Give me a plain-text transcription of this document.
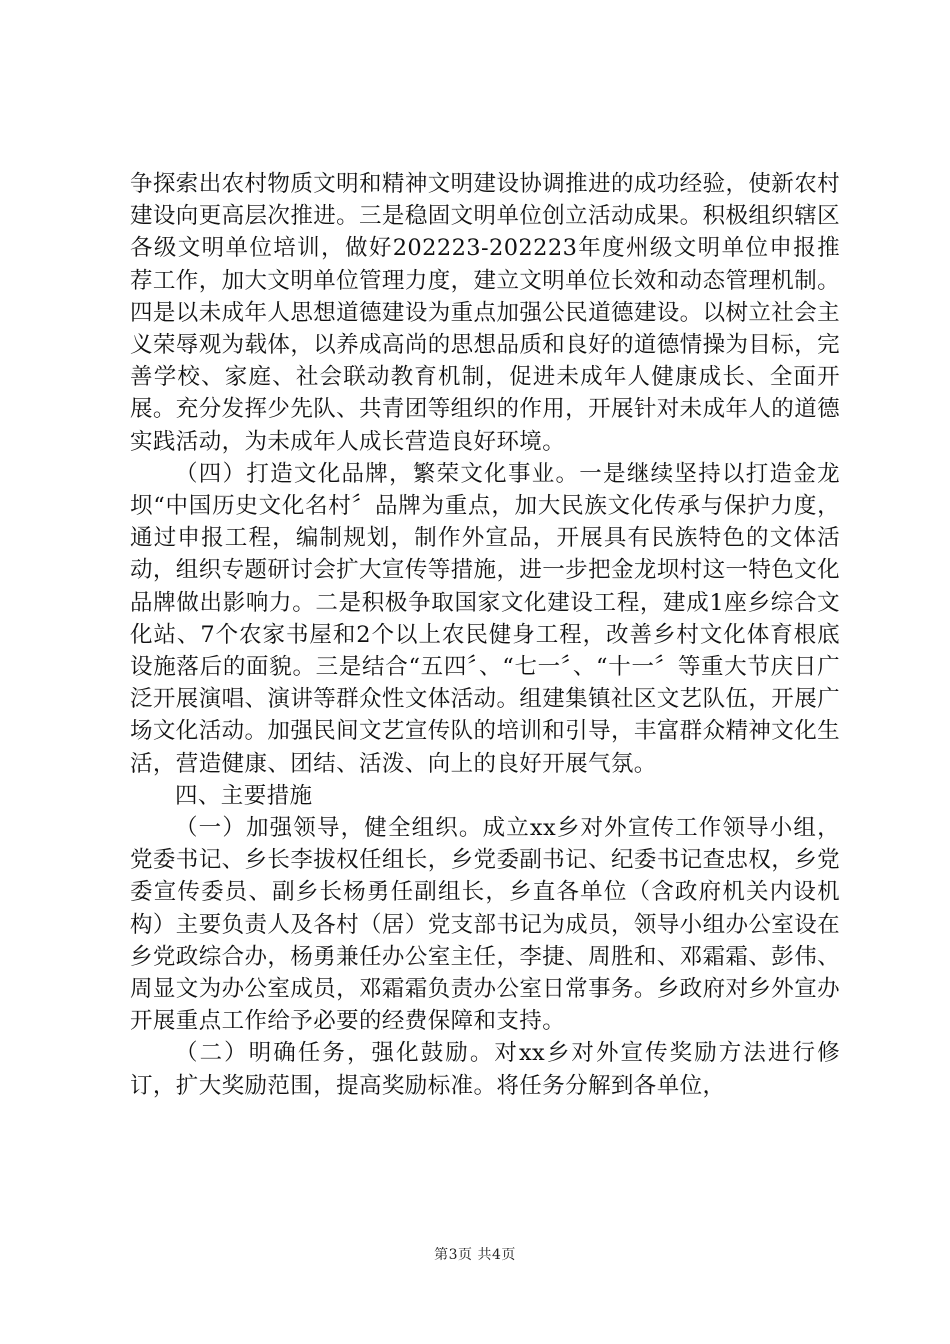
争探索出农村物质文明和精神文明建设协调推进的成功经验，使新农村建设向更高层次推进。三是稳固文明单位创立活动成果。积极组织辖区各级文明单位培训，做好202223-202223年度州级文明单位申报推荐工作，加大文明单位管理力度，建立文明单位长效和动态管理机制。四是以未成年人思想道德建设为重点加强公民道德建设。以树立社会主义荣辱观为载体，以养成高尚的思想品质和良好的道德情操为目标，完善学校、家庭、社会联动教育机制，促进未成年人健康成长、全面开展。充分发挥少先队、共青团等组织的作用，开展针对未成年人的道德实践活动，为未成年人成长营造良好环境。

（四）打造文化品牌，繁荣文化事业。一是继续坚持以打造金龙坝“中国历史文化名村〞品牌为重点，加大民族文化传承与保护力度，通过申报工程，编制规划，制作外宣品，开展具有民族特色的文体活动，组织专题研讨会扩大宣传等措施，进一步把金龙坝村这一特色文化品牌做出影响力。二是积极争取国家文化建设工程，建成1座乡综合文化站、7个农家书屋和2个以上农民健身工程，改善乡村文化体育根底设施落后的面貌。三是结合“五四〞、“七一〞、“十一〞等重大节庆日广泛开展演唱、演讲等群众性文体活动。组建集镇社区文艺队伍，开展广场文化活动。加强民间文艺宣传队的培训和引导，丰富群众精神文化生活，营造健康、团结、活泼、向上的良好开展气氛。

四、主要措施

（一）加强领导，健全组织。成立xx乡对外宣传工作领导小组，党委书记、乡长李拔权任组长，乡党委副书记、纪委书记查忠权，乡党委宣传委员、副乡长杨勇任副组长，乡直各单位（含政府机关内设机构）主要负责人及各村（居）党支部书记为成员，领导小组办公室设在乡党政综合办，杨勇兼任办公室主任，李捷、周胜和、邓霜霜、彭伟、周显文为办公室成员，邓霜霜负责办公室日常事务。乡政府对乡外宣办开展重点工作给予必要的经费保障和支持。

（二）明确任务，强化鼓励。对xx乡对外宣传奖励方法进行修订，扩大奖励范围，提高奖励标准。将任务分解到各单位，

第3页 共4页
